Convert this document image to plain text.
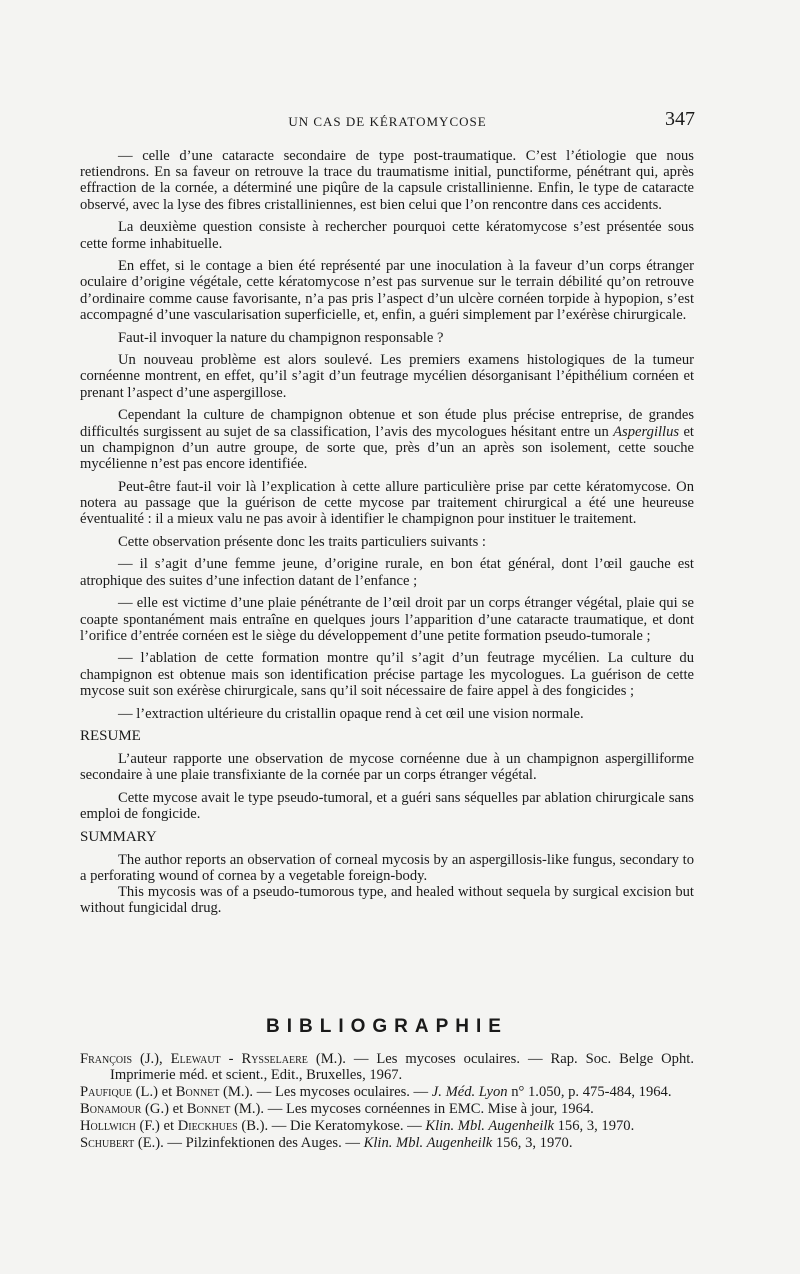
UN CAS DE KÉRATOMYCOSE	347

— celle d’une cataracte secondaire de type post-traumatique. C’est l’étiologie que nous retiendrons. En sa faveur on retrouve la trace du traumatisme initial, punctiforme, pénétrant qui, après effraction de la cornée, a déterminé une piqûre de la capsule cristallinienne. Enfin, le type de cataracte observé, avec la lyse des fibres cristalliniennes, est bien celui que l’on rencontre dans ces accidents.

La deuxième question consiste à rechercher pourquoi cette kératomycose s’est présentée sous cette forme inhabituelle.

En effet, si le contage a bien été représenté par une inoculation à la faveur d’un corps étranger oculaire d’origine végétale, cette kératomycose n’est pas survenue sur le terrain débilité qu’on retrouve d’ordinaire comme cause favorisante, n’a pas pris l’aspect d’un ulcère cornéen torpide à hypopion, s’est accompagné d’une vascularisation superficielle, et, enfin, a guéri simplement par l’exérèse chirurgicale.

Faut-il invoquer la nature du champignon responsable ?

Un nouveau problème est alors soulevé. Les premiers examens histologiques de la tumeur cornéenne montrent, en effet, qu’il s’agit d’un feutrage mycélien désorganisant l’épithélium cornéen et prenant l’aspect d’une aspergillose.

Cependant la culture de champignon obtenue et son étude plus précise entreprise, de grandes difficultés surgissent au sujet de sa classification, l’avis des mycologues hésitant entre un Aspergillus et un champignon d’un autre groupe, de sorte que, près d’un an après son isolement, cette souche mycélienne n’est pas encore identifiée.

Peut-être faut-il voir là l’explication à cette allure particulière prise par cette kératomycose. On notera au passage que la guérison de cette mycose par traitement chirurgical a été une heureuse éventualité : il a mieux valu ne pas avoir à identifier le champignon pour instituer le traitement.

Cette observation présente donc les traits particuliers suivants :

— il s’agit d’une femme jeune, d’origine rurale, en bon état général, dont l’œil gauche est atrophique des suites d’une infection datant de l’enfance ;

— elle est victime d’une plaie pénétrante de l’œil droit par un corps étranger végétal, plaie qui se coapte spontanément mais entraîne en quelques jours l’apparition d’une cataracte traumatique, et dont l’orifice d’entrée cornéen est le siège du développement d’une petite formation pseudo-tumorale ;

— l’ablation de cette formation montre qu’il s’agit d’un feutrage mycélien. La culture du champignon est obtenue mais son identification précise partage les mycologues. La guérison de cette mycose suit son exérèse chirurgicale, sans qu’il soit nécessaire de faire appel à des fongicides ;

— l’extraction ultérieure du cristallin opaque rend à cet œil une vision normale.

RESUME

L’auteur rapporte une observation de mycose cornéenne due à un champignon aspergilliforme secondaire à une plaie transfixiante de la cornée par un corps étranger végétal.

Cette mycose avait le type pseudo-tumoral, et a guéri sans séquelles par ablation chirurgicale sans emploi de fongicide.

SUMMARY

The author reports an observation of corneal mycosis by an aspergillosis-like fungus, secondary to a perforating wound of cornea by a vegetable foreign-body.

This mycosis was of a pseudo-tumorous type, and healed without sequela by surgical excision but without fungicidal drug.

BIBLIOGRAPHIE
François (J.), Elewaut - Rysselaere (M.). — Les mycoses oculaires. — Rap. Soc. Belge Opht. Imprimerie méd. et scient., Edit., Bruxelles, 1967.
Paufique (L.) et Bonnet (M.). — Les mycoses oculaires. — J. Méd. Lyon n° 1.050, p. 475-484, 1964.
Bonamour (G.) et Bonnet (M.). — Les mycoses cornéennes in EMC. Mise à jour, 1964.
Hollwich (F.) et Dieckhues (B.). — Die Keratomykose. — Klin. Mbl. Augenheilk 156, 3, 1970.
Schubert (E.). — Pilzinfektionen des Auges. — Klin. Mbl. Augenheilk 156, 3, 1970.
